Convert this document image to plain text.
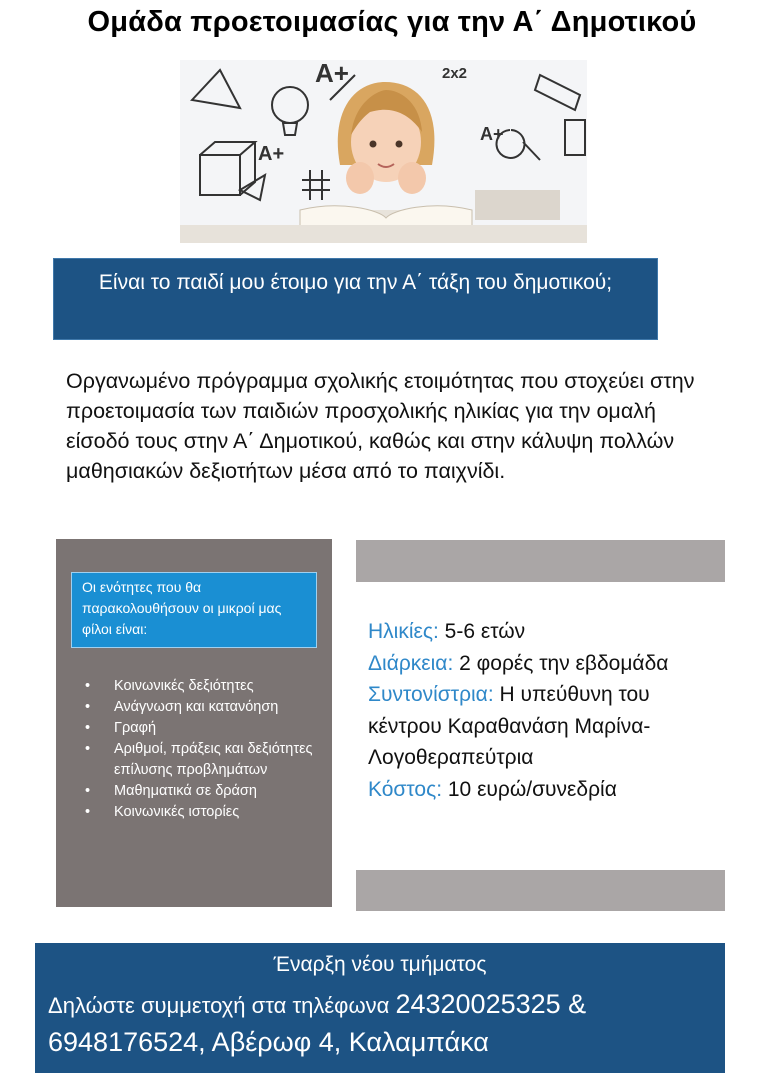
Ομάδα προετοιμασίας για την Α΄ Δημοτικού
A+
A+
A+
2x2
Είναι το παιδί μου έτοιμο για την Α΄ τάξη του δημοτικού;
Οργανωμένο πρόγραμμα σχολικής ετοιμότητας που στοχεύει στην προετοιμασία των παιδιών προσχολικής ηλικίας για την ομαλή είσοδό τους στην Α΄ Δημοτικού, καθώς και στην κάλυψη πολλών μαθησιακών δεξιοτήτων μέσα από το παιχνίδι.
Οι ενότητες που θα παρακολουθήσουν οι μικροί μας φίλοι είναι:
• Κοινωνικές δεξιότητες
• Ανάγνωση και κατανόηση
• Γραφή
• Αριθμοί, πράξεις και δεξιότητες επίλυσης προβλημάτων
• Μαθηματικά σε δράση
• Κοινωνικές ιστορίες
Ηλικίες: 5-6 ετών
Διάρκεια: 2 φορές την εβδομάδα
Συντονίστρια: Η υπεύθυνη του κέντρου Καραθανάση Μαρίνα-Λογοθεραπεύτρια
Κόστος: 10 ευρώ/συνεδρία
Έναρξη νέου τμήματος
Δηλώστε συμμετοχή στα τηλέφωνα 24320025325 &
6948176524, Αβέρωφ 4, Καλαμπάκα
